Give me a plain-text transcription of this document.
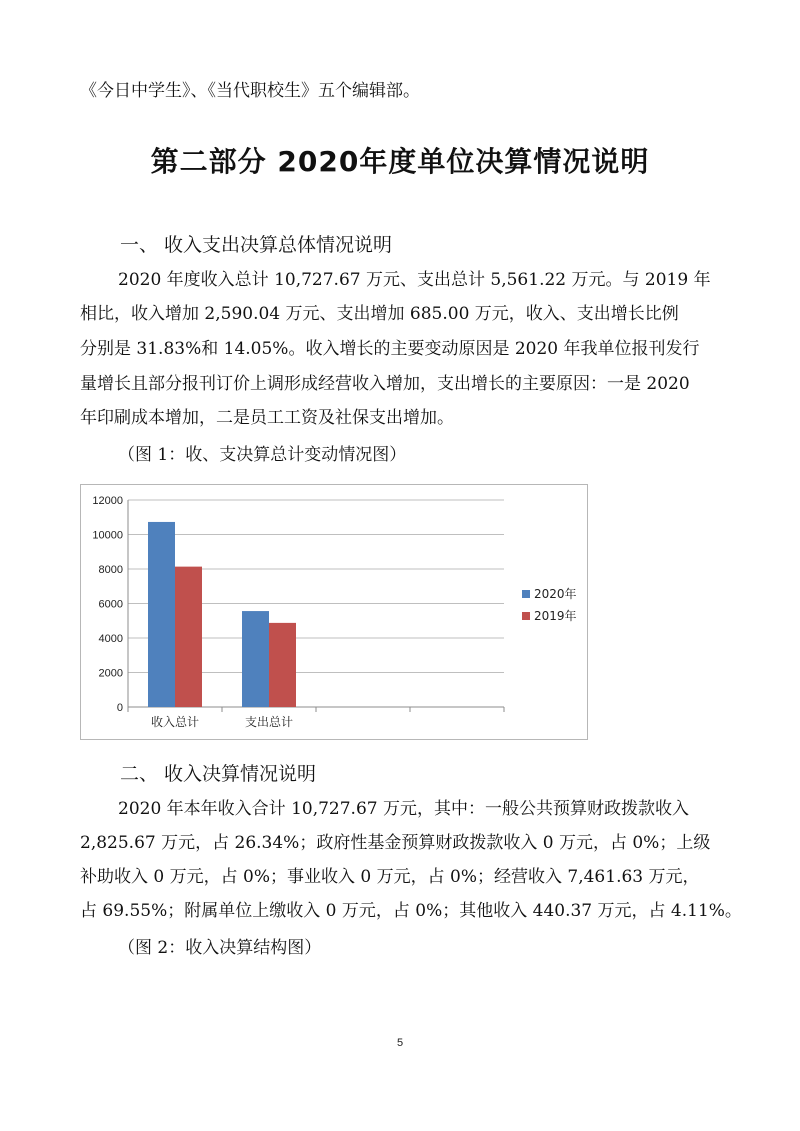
《今日中学生》、《当代职校生》五个编辑部。
第二部分 2020年度单位决算情况说明
一、 收入支出决算总体情况说明
2020 年度收入总计 10,727.67 万元、支出总计 5,561.22 万元。与 2019 年
相比，收入增加 2,590.04 万元、支出增加 685.00 万元，收入、支出增长比例
分别是 31.83%和 14.05%。收入增长的主要变动原因是 2020 年我单位报刊发行
量增长且部分报刊订价上调形成经营收入增加，支出增长的主要原因：一是 2020
年印刷成本增加，二是员工工资及社保支出增加。
（图 1：收、支决算总计变动情况图）
0
2000
4000
6000
8000
10000
12000
收入总计	支出总计
2020年
2019年
二、 收入决算情况说明
2020 年本年收入合计 10,727.67 万元，其中：一般公共预算财政拨款收入
2,825.67 万元，占 26.34%；政府性基金预算财政拨款收入 0 万元，占 0%；上级
补助收入 0 万元，占 0%；事业收入 0 万元，占 0%；经营收入 7,461.63 万元，
占 69.55%；附属单位上缴收入 0 万元，占 0%；其他收入 440.37 万元，占 4.11%。
（图 2：收入决算结构图）
5
